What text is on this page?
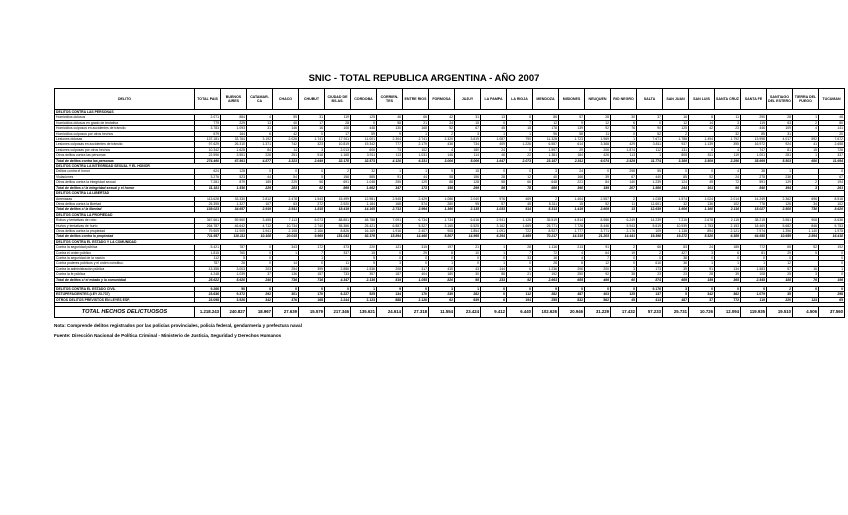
SNIC - TOTAL REPUBLICA ARGENTINA - AÑO 2007
DELITO	TOTAL PAIS	BUENOS AIRES	CATAMAR-CA	CHACO	CHUBUT	CIUDAD DE BS.AS.	CORDOBA	CORRIEN-TES	ENTRE RIOS	FORMOSA	JUJUY	LA PAMPA	LA RIOJA	MENDOZA	MISIONES	NEUQUEN	RIO NEGRO	SALTA	SAN JUAN	SAN LUIS	SANTA CRUZ	SANTA FE	SANTIAGO DEL ESTERO	TIERRA DEL FUEGO	TUCUMAN
DELITOS CONTRA LAS PERSONAS																									
Homicidios dolosos	2.071	884	4	59	31	119	125	46	66	42	31	13	5	86	57	28	30	37	16	8	11	290	28	1	46
Homicidios dolosos en grado de tentativa	779	229	13	40	17	28	0	58	21	24	15	0	7	12	9	12	6	0	12	14	3	119	63	2	80
Homicidios culposos en accidentes de tránsito	3.783	1.093	31	146	16	108	448	130	168	52	67	45	18	178	139	92	76	90	125	42	23	446	109	4	141
Homicidios culposos por otros hechos	679	164	6	42	0	17	59	9	1	2	3	1	1	96	58	11	0	52	2		32	85	31		20
Lesiones dolosas	137.181	33.764	3.192	2.026	1.741	17.911	11.001	2.304	2.741	2.320	3.819	1.087	790	11.328	1.723	1.969	1	7.671	1.786	1.494	1.792	13.998	4.017	592	7.672
Lesiones culposas en accidentes de tránsito	97.629	26.310	1.371	742	323	10.819	19.342	777	2.179	436	734	409	1.226	6.557	614	3.368	429	3.811	937	1.139	395	16.972	924	41	2.658
Lesiones culposas por otros hechos	10.342	1.628	84	14	3	2.013	606	73	102	4	180	24	0	1.597	29	206	1.874	112	131	0	4	747	81	15	726
Otros delitos contra las personas	22.596	3.551	226	251	518	1.165	3.911	113	1.031	146	114	46	22	1.381	184	426	113	1	805	811	119	1.001	281	1	337
Total de delitos contra las personas	274.460	67.561	4.877	3.323	2.649	32.178	32.573	4.120	6.331	3.006	5.006	1.647	2.073	23.187	2.811	6.074	2.529	11.774	3.386	3.509	2.290	35.669	5.503	680	11.694
DELITOS CONTRA LA INTEGRIDAD SEXUAL Y EL HONOR																									
Delitos contra el honor	624	128	0	0	0	2	32	1	1	9	15	0	0	3	24	0	298	55	0	0	4	38	1		0
Violaciones	3.276	523	44	54	5	156	585	91	44	58	156	28	12	40	166	39	67	440	85	52	24	275	236		67
Otros delitos contra la integridad sexual	7.281	879	185	229	56	691	1.048	255	129	88	128	58	66	648	221	84	140	1.239	124	49	72	591	129	2	194
Total de delitos c/ la integridad sexual y el honor	11.181	1.530	229	283	62	869	1.662	347	173	156	299	86	78	686	390	159	207	1.986	244	101	96	840	394	3	261
DELITOS CONTRA LA LIBERTAD																									
Amenazas	113.628	33.330	2.812	2.478	1.543	15.499	12.981	2.545	2.429	1.086	2.040	976	469	2	1.404	2.557	2	1.038	1.574	1.024	2.014	14.249	2.362	696	8.518
Otros delitos contra la libertad	25.395	1.327	107	63	272	2.920	1.184	168	574	280	95	57	45	5.311	15	52	11	11.601	32	136	102	778	126	34	102
Total de delitos c/ la libertad	139.023	34.657	2.919	2.541	1.815	18.419	14.165	2.713	2.994	1.366	2.135	1.033	514	5.313	1.419	2.609	13	12.639	1.606	1.160	2.116	15.027	2.508	730	8.620
DELITOS CONTRA LA PROPIEDAD																									
Robos y tentativas de robo	367.661	59.560	3.455	7.113	5.073	88.851	48.788	7.091	6.734	1.734	6.616	2.941	1.126	35.519	4.814	8.986	6.249	14.239	7.215	2.678	2.115	38.215	3.581	908	8.636
Hurtos y tentativas de hurto	264.787	46.642	4.712	10.734	2.740	55.366	25.421	6.887	5.327	3.165	6.525	3.162	1.669	25.771	7.728	8.446	5.943	5.619	10.939	1.753	2.153	18.469	5.682	846	5.753
Otros delitos contra la propiedad	79.509	11.909	1.941	2.108	2.166	8.826	16.169	1.916	2.407	908	1.854	1.091	722	8.927	1.777	3.771	2.176	109	1.138	894	2.121	7.974	1.396	1.140	1.975
Total de delitos contra la propiedad	711.957	118.111	10.108	20.015	9.969	151.043	92.376	15.894	14.468	5.807	14.995	6.294	3.469	70.217	14.319	21.203	14.441	19.398	19.272	5.520	6.389	64.658	10.659	2.894	16.418
DELITOS CONTRA EL ESTADO Y LA COMUNIDAD																									
Contra la seguridad pública	5.421	787	0	343	172	373	220	121	315	197	21	1	28	1.116	213	91	2	66	83	24	185	772	65	52	192
Contra el orden público	1.815	760	0	1	7	337	15	0	29	8	10	1	7	72	4	64	19	2	427	3	6	81	29	5	0
Contra la seguridad de la nación	112	5	0		1		5	0	0	0	0	0	33	16	4	7	0	0	38	0	0	0	0		0
Contra poderes públicos y el orden constituc.	787	26	0	14	0	11	5	3	0	1	0	1	0	28	6	12	0	616	36	1	1	1	12		0
Contra la administración pública	13.358	3.003	203	254	399	2.886	1.536	208	317	435	43	144	6	1.236	206	200	3	173	39	91	134	1.583	57	16	1
Contra la fe pública	4.248	1.039	37	136	157	733	357	187	404	180	30	88	21	192	250	92	38	23	23	28	39	108	25	3	0
Total de delitos c/ el estado y la comunidad	25.622	5.620	240	736	716	4.347	2.136	519	1.055	820	95	233	92	2.663	685	466	60	874	689	159	365	2.545	188	76	196

DELITOS CONTRA EL ESTADO CIVIL	9.266	50	0	0	0	0	1	9	0	3	1	0	0	9	0	0	0	9.176	3	0	0	0	2	0	0
ESTUPEFACIENTES (LEY 23.737)	23.636	9.372	292	301	170	6.227	525	134	170	230	262	0	112	282	487	403	125	137	5	342	362	1.079	35		298
OTROS DELITOS PREVISTOS EN LEYES ESP.	23.098	3.926	342	376	168	2.244	2.123	888	2.126	62	639	6	194	255	832	562	45	413	487	37	772	119	220	123	65

TOTAL HECHOS DELICTUOSOS	1.218.243	240.827	18.967	27.639	15.579	217.346	135.621	24.614	27.318	11.554	23.424	9.412	6.440	102.626	20.946	31.229	17.432	57.233	25.731	10.726	12.094	119.935	19.510	4.506	37.560
Nota: Comprende delitos registrados por las policías provinciales, policía federal, gendarmería y prefectura naval
Fuente: Dirección Nacional de Política Criminal - Ministerio de Justicia, Seguridad y Derechos Humanos
